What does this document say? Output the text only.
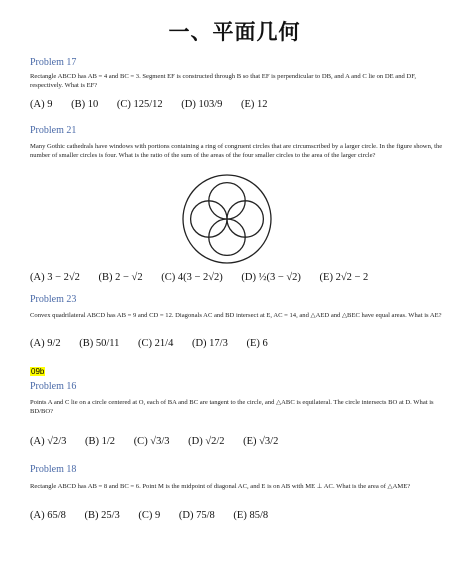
一、平面几何
Problem 17
Rectangle ABCD has AB = 4 and BC = 3. Segment EF is constructed through B so that EF is perpendicular to DB, and A and C lie on DE and DF, respectively. What is EF?
(A) 9 (B) 10 (C) 125/12 (D) 103/9 (E) 12
Problem 21
Many Gothic cathedrals have windows with portions containing a ring of congruent circles that are circumscribed by a larger circle. In the figure shown, the number of smaller circles is four. What is the ratio of the sum of the areas of the four smaller circles to the area of the larger circle?
(A) 3 − 2√2 (B) 2 − √2 (C) 4(3 − 2√2) (D) ½(3 − √2) (E) 2√2 − 2
Problem 23
Convex quadrilateral ABCD has AB = 9 and CD = 12. Diagonals AC and BD intersect at E, AC = 14, and △AED and △BEC have equal areas. What is AE?
(A) 9/2 (B) 50/11 (C) 21/4 (D) 17/3 (E) 6
09b
Problem 16
Points A and C lie on a circle centered at O, each of BA and BC are tangent to the circle, and △ABC is equilateral. The circle intersects BO at D. What is BD/BO?
(A) √2/3 (B) 1/2 (C) √3/3 (D) √2/2 (E) √3/2
Problem 18
Rectangle ABCD has AB = 8 and BC = 6. Point M is the midpoint of diagonal AC, and E is on AB with ME ⊥ AC. What is the area of △AME?
(A) 65/8 (B) 25/3 (C) 9 (D) 75/8 (E) 85/8
